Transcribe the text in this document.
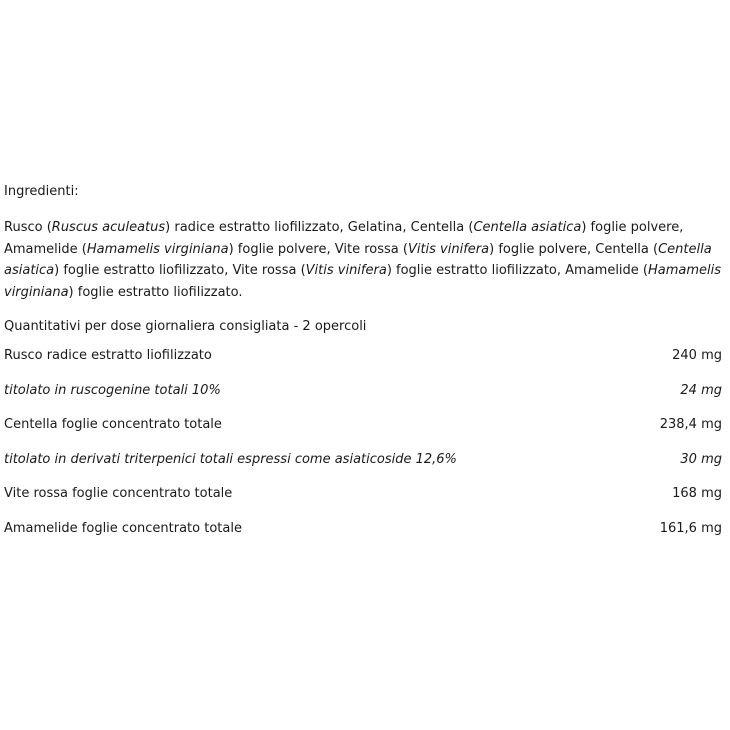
Ingredienti:

Rusco (Ruscus aculeatus) radice estratto liofilizzato, Gelatina, Centella (Centella asiatica) foglie polvere, Amamelide (Hamamelis virginiana) foglie polvere, Vite rossa (Vitis vinifera) foglie polvere, Centella (Centella asiatica) foglie estratto liofilizzato, Vite rossa (Vitis vinifera) foglie estratto liofilizzato, Amamelide (Hamamelis virginiana) foglie estratto liofilizzato.

Quantitativi per dose giornaliera consigliata - 2 opercoli

Rusco radice estratto liofilizzato	240 mg
titolato in ruscogenine totali 10%	24 mg
Centella foglie concentrato totale	238,4 mg
titolato in derivati triterpenici totali espressi come asiaticoside 12,6%	30 mg
Vite rossa foglie concentrato totale	168 mg
Amamelide foglie concentrato totale	161,6 mg
